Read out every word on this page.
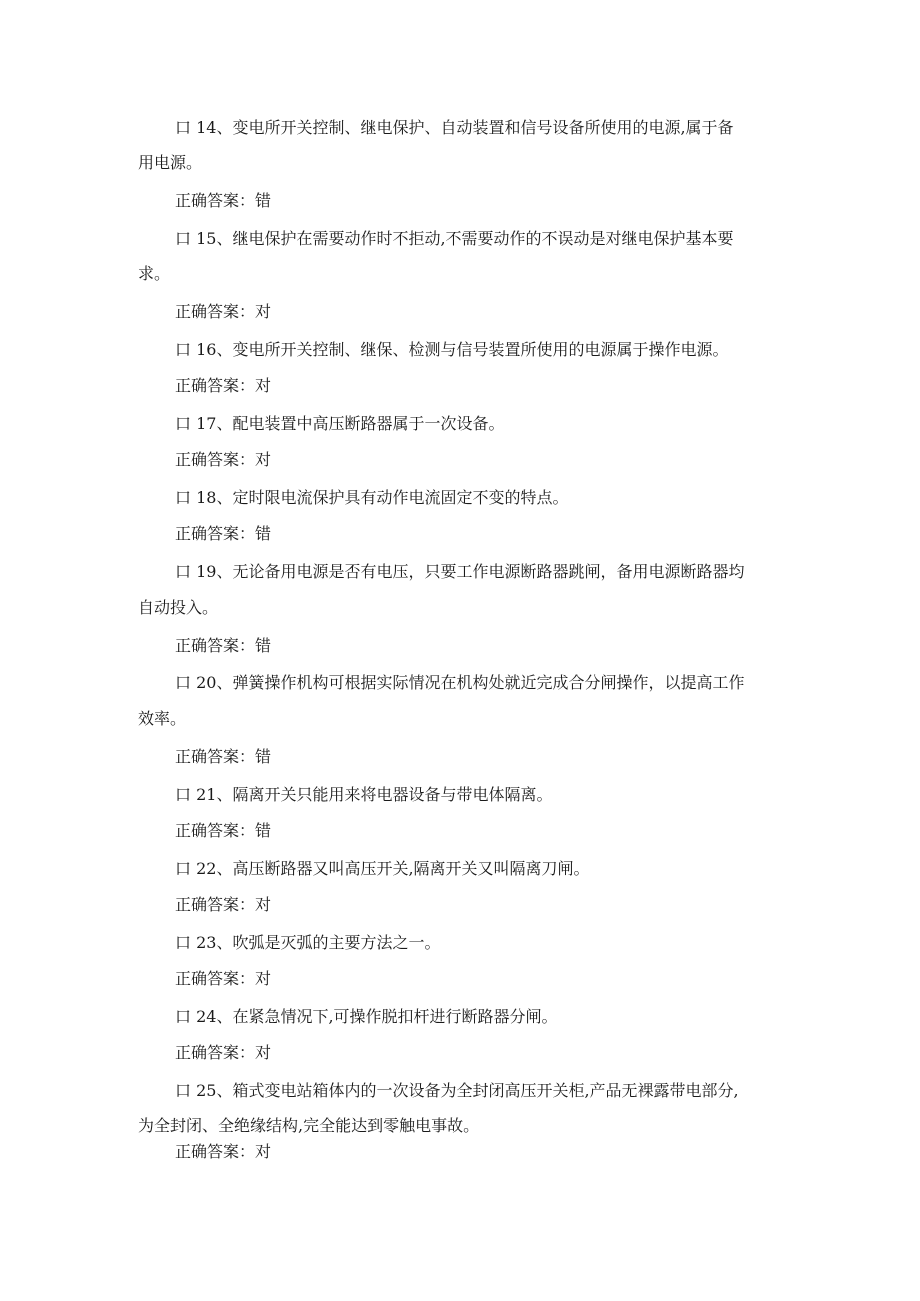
口 14、变电所开关控制、继电保护、自动装置和信号设备所使用的电源,属于备
用电源。
正确答案：错
口 15、继电保护在需要动作时不拒动,不需要动作的不误动是对继电保护基本要
求。
正确答案：对
口 16、变电所开关控制、继保、检测与信号装置所使用的电源属于操作电源。
正确答案：对
口 17、配电装置中高压断路器属于一次设备。
正确答案：对
口 18、定时限电流保护具有动作电流固定不变的特点。
正确答案：错
口 19、无论备用电源是否有电压，只要工作电源断路器跳闸，备用电源断路器均
自动投入。
正确答案：错
口 20、弹簧操作机构可根据实际情况在机构处就近完成合分闸操作，以提高工作
效率。
正确答案：错
口 21、隔离开关只能用来将电器设备与带电体隔离。
正确答案：错
口 22、高压断路器又叫高压开关,隔离开关又叫隔离刀闸。
正确答案：对
口 23、吹弧是灭弧的主要方法之一。
正确答案：对
口 24、在紧急情况下,可操作脱扣杆进行断路器分闸。
正确答案：对
口 25、箱式变电站箱体内的一次设备为全封闭高压开关柜,产品无裸露带电部分,
为全封闭、全绝缘结构,完全能达到零触电事故。
正确答案：对
